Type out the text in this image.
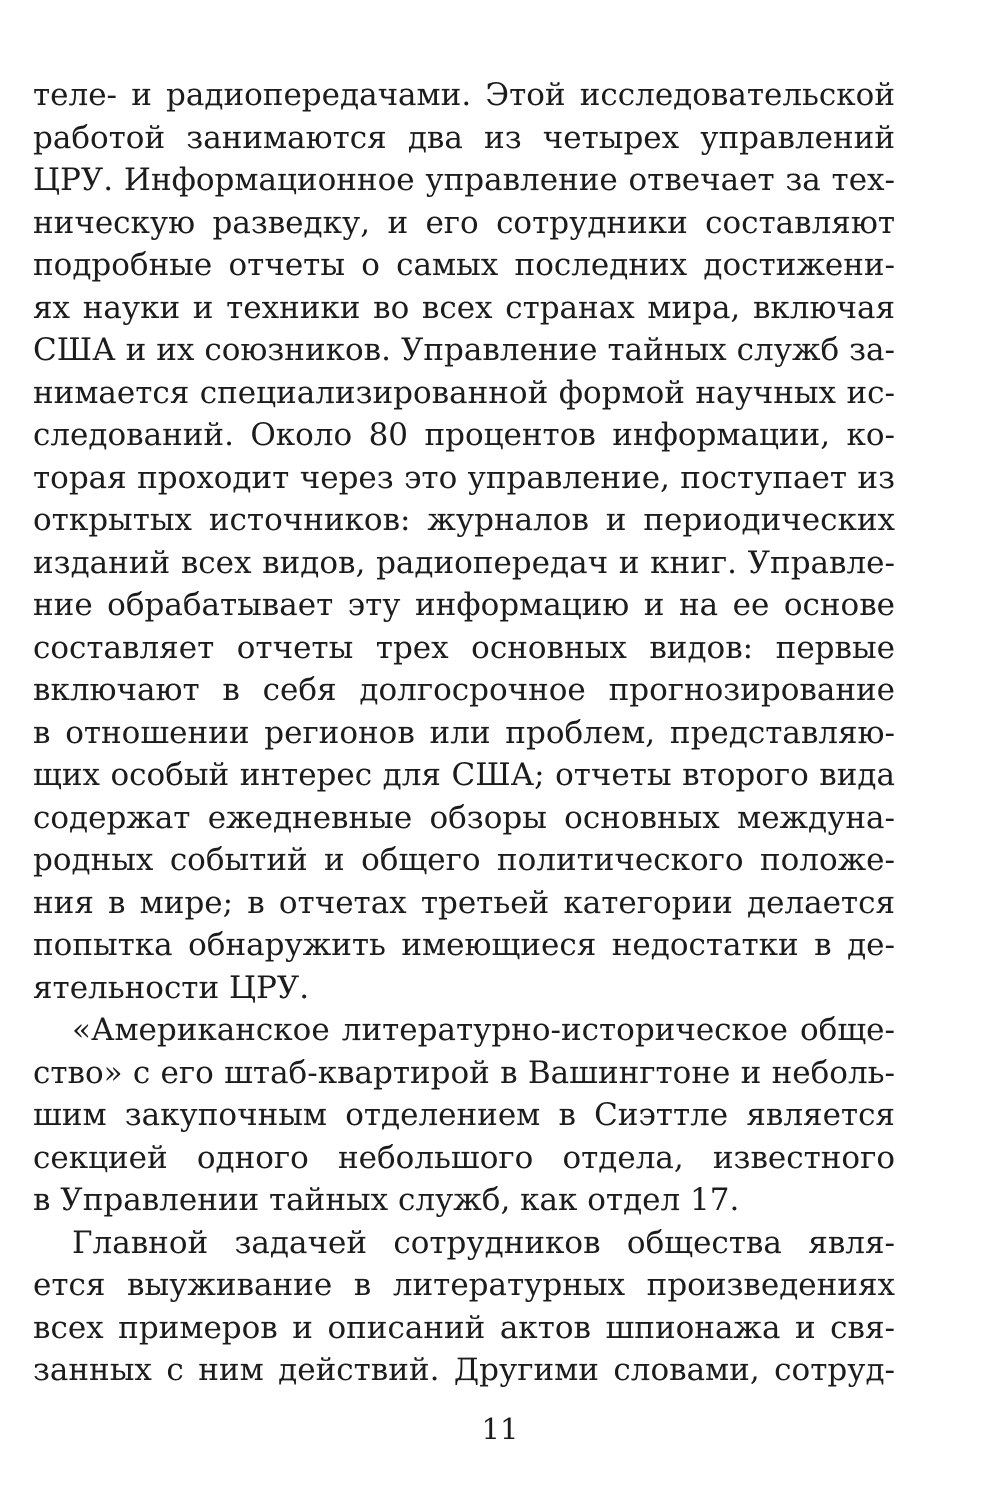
теле- и радиопередачами. Этой исследовательской
работой занимаются два из четырех управлений
ЦРУ. Информационное управление отвечает за тех-
ническую разведку, и его сотрудники составляют
подробные отчеты о самых последних достижени-
ях науки и техники во всех странах мира, включая
США и их союзников. Управление тайных служб за-
нимается специализированной формой научных ис-
следований. Около 80 процентов информации, ко-
торая проходит через это управление, поступает из
открытых источников: журналов и периодических
изданий всех видов, радиопередач и книг. Управле-
ние обрабатывает эту информацию и на ее основе
составляет отчеты трех основных видов: первые
включают в себя долгосрочное прогнозирование
в отношении регионов или проблем, представляю-
щих особый интерес для США; отчеты второго вида
содержат ежедневные обзоры основных междуна-
родных событий и общего политического положе-
ния в мире; в отчетах третьей категории делается
попытка обнаружить имеющиеся недостатки в де-
ятельности ЦРУ.
«Американское литературно-историческое обще-
ство» с его штаб-квартирой в Вашингтоне и неболь-
шим закупочным отделением в Сиэттле является
секцией одного небольшого отдела, известного
в Управлении тайных служб, как отдел 17.
Главной задачей сотрудников общества явля-
ется выуживание в литературных произведениях
всех примеров и описаний актов шпионажа и свя-
занных с ним действий. Другими словами, сотруд-
11
